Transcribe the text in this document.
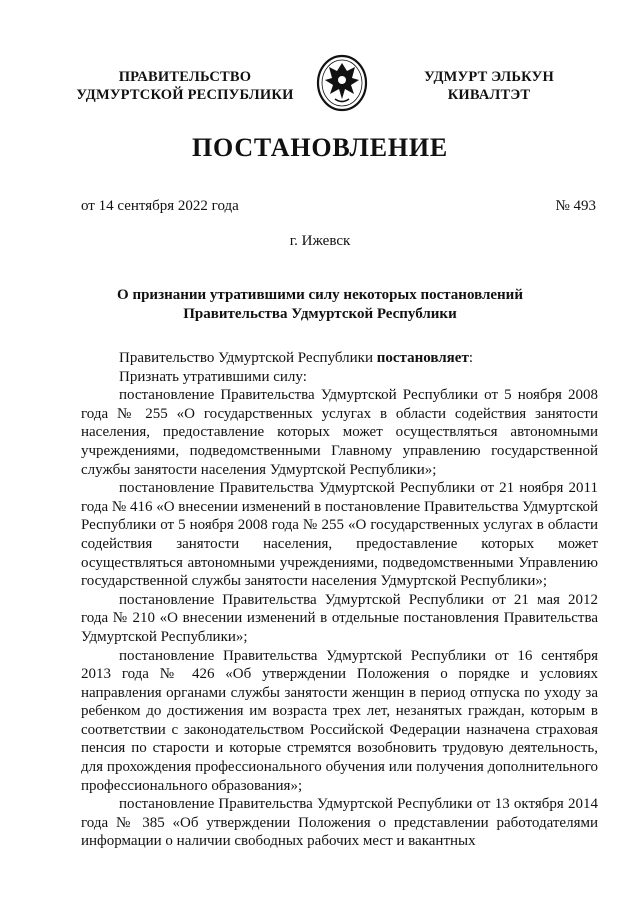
ПРАВИТЕЛЬСТВО
УДМУРТСКОЙ РЕСПУБЛИКИ
УДМУРТ ЭЛЬКУН
КИВАЛТЭТ
ПОСТАНОВЛЕНИЕ
от 14 сентября 2022 года	№ 493
г. Ижевск
О признании утратившими силу некоторых постановлений
Правительства Удмуртской Республики

Правительство Удмуртской Республики постановляет:

Признать утратившими силу:

постановление Правительства Удмуртской Республики от 5 ноября 2008 года № 255 «О государственных услугах в области содействия занятости населения, предоставление которых может осуществляться автономными учреждениями, подведомственными Главному управлению государственной службы занятости населения Удмуртской Республики»;

постановление Правительства Удмуртской Республики от 21 ноября 2011 года № 416 «О внесении изменений в постановление Правительства Удмуртской Республики от 5 ноября 2008 года № 255 «О государственных услугах в области содействия занятости населения, предоставление которых может осуществляться автономными учреждениями, подведомственными Управлению государственной службы занятости населения Удмуртской Республики»;

постановление Правительства Удмуртской Республики от 21 мая 2012 года № 210 «О внесении изменений в отдельные постановления Правительства Удмуртской Республики»;

постановление Правительства Удмуртской Республики от 16 сентября 2013 года № 426 «Об утверждении Положения о порядке и условиях направления органами службы занятости женщин в период отпуска по уходу за ребенком до достижения им возраста трех лет, незанятых граждан, которым в соответствии с законодательством Российской Федерации назначена страховая пенсия по старости и которые стремятся возобновить трудовую деятельность, для прохождения профессионального обучения или получения дополнительного профессионального образования»;

постановление Правительства Удмуртской Республики от 13 октября 2014 года № 385 «Об утверждении Положения о представлении работодателями информации о наличии свободных рабочих мест и вакантных
